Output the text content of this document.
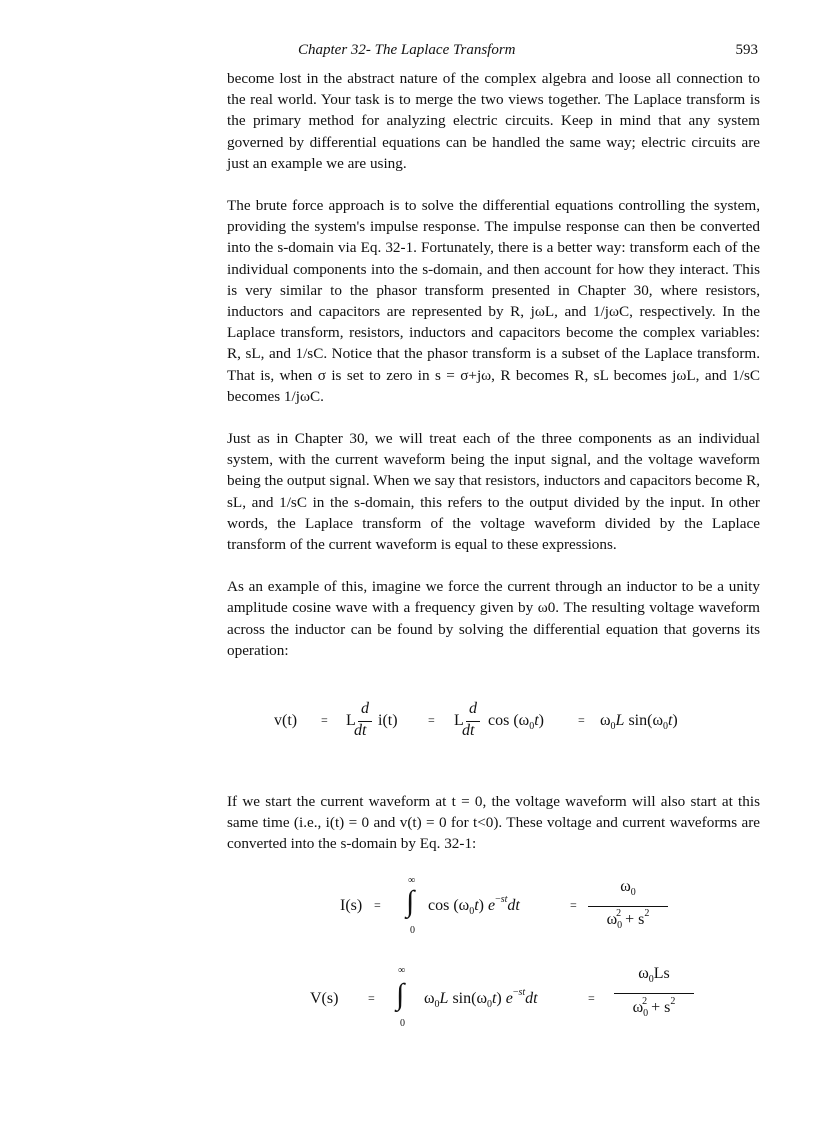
Chapter 32- The Laplace Transform	593

become lost in the abstract nature of the complex algebra and loose all connection to the real world. Your task is to merge the two views together. The Laplace transform is the primary method for analyzing electric circuits. Keep in mind that any system governed by differential equations can be handled the same way; electric circuits are just an example we are using.

The brute force approach is to solve the differential equations controlling the system, providing the system's impulse response. The impulse response can then be converted into the s-domain via Eq. 32-1. Fortunately, there is a better way: transform each of the individual components into the s-domain, and then account for how they interact. This is very similar to the phasor transform presented in Chapter 30, where resistors, inductors and capacitors are represented by R, jωL, and 1/jωC, respectively. In the Laplace transform, resistors, inductors and capacitors become the complex variables: R, sL, and 1/sC. Notice that the phasor transform is a subset of the Laplace transform. That is, when σ is set to zero in s = σ+jω, R becomes R, sL becomes jωL, and 1/sC becomes 1/jωC.

Just as in Chapter 30, we will treat each of the three components as an individual system, with the current waveform being the input signal, and the voltage waveform being the output signal. When we say that resistors, inductors and capacitors become R, sL, and 1/sC in the s-domain, this refers to the output divided by the input. In other words, the Laplace transform of the voltage waveform divided by the Laplace transform of the current waveform is equal to these expressions.

As an example of this, imagine we force the current through an inductor to be a unity amplitude cosine wave with a frequency given by ω0. The resulting voltage waveform across the inductor can be found by solving the differential equation that governs its operation:

v(t) = L
d
dt
i(t)	= L
d
dt
$\cos (\omega_0t)$	= $\omega_0L$ $\sin(\omega_0t)$

If we start the current waveform at t = 0, the voltage waveform will also start at this same time (i.e., i(t) = 0 and v(t) = 0 for t<0). These voltage and current waveforms are converted into the s-domain by Eq. 32-1:

I(s) =
∞
∫
0
$\cos (\omega_0t)$ $e^{-st}dt$	=
$\omega_0$
$\omega_0^2 + s^2$
V(s) =
∞
∫
0
$\omega_0L$ $\sin(\omega_0t)$ $e^{-st}dt$	=
$\omega_0Ls$
$\omega_0^2 + s^2$
